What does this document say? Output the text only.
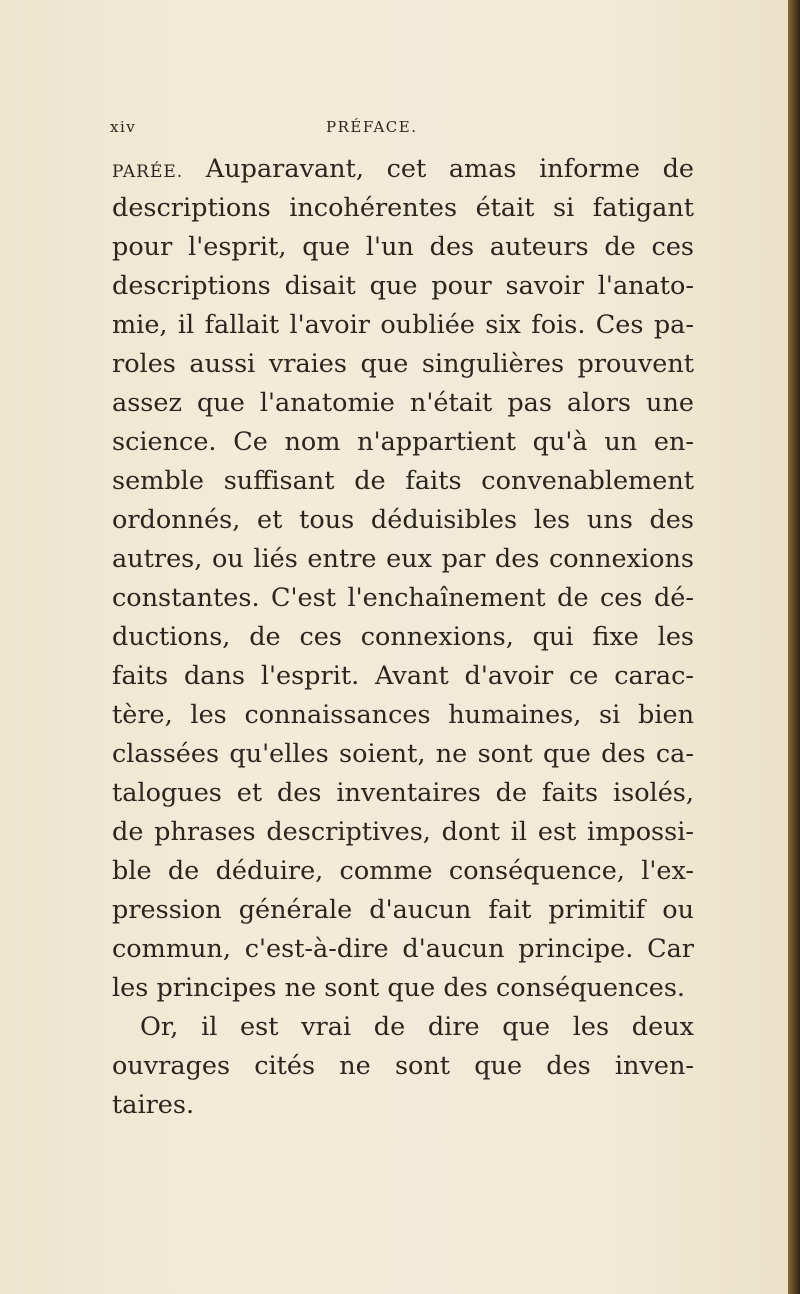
xiv	PRÉFACE.
PARÉE. Auparavant, cet amas informe de
descriptions incohérentes était si fatigant
pour l'esprit, que l'un des auteurs de ces
descriptions disait que pour savoir l'anato-
mie, il fallait l'avoir oubliée six fois. Ces pa-
roles aussi vraies que singulières prouvent
assez que l'anatomie n'était pas alors une
science. Ce nom n'appartient qu'à un en-
semble suffisant de faits convenablement
ordonnés, et tous déduisibles les uns des
autres, ou liés entre eux par des connexions
constantes. C'est l'enchaînement de ces dé-
ductions, de ces connexions, qui fixe les
faits dans l'esprit. Avant d'avoir ce carac-
tère, les connaissances humaines, si bien
classées qu'elles soient, ne sont que des ca-
talogues et des inventaires de faits isolés,
de phrases descriptives, dont il est impossi-
ble de déduire, comme conséquence, l'ex-
pression générale d'aucun fait primitif ou
commun, c'est-à-dire d'aucun principe. Car
les principes ne sont que des conséquences.
Or, il est vrai de dire que les deux
ouvrages cités ne sont que des inven-
taires.
